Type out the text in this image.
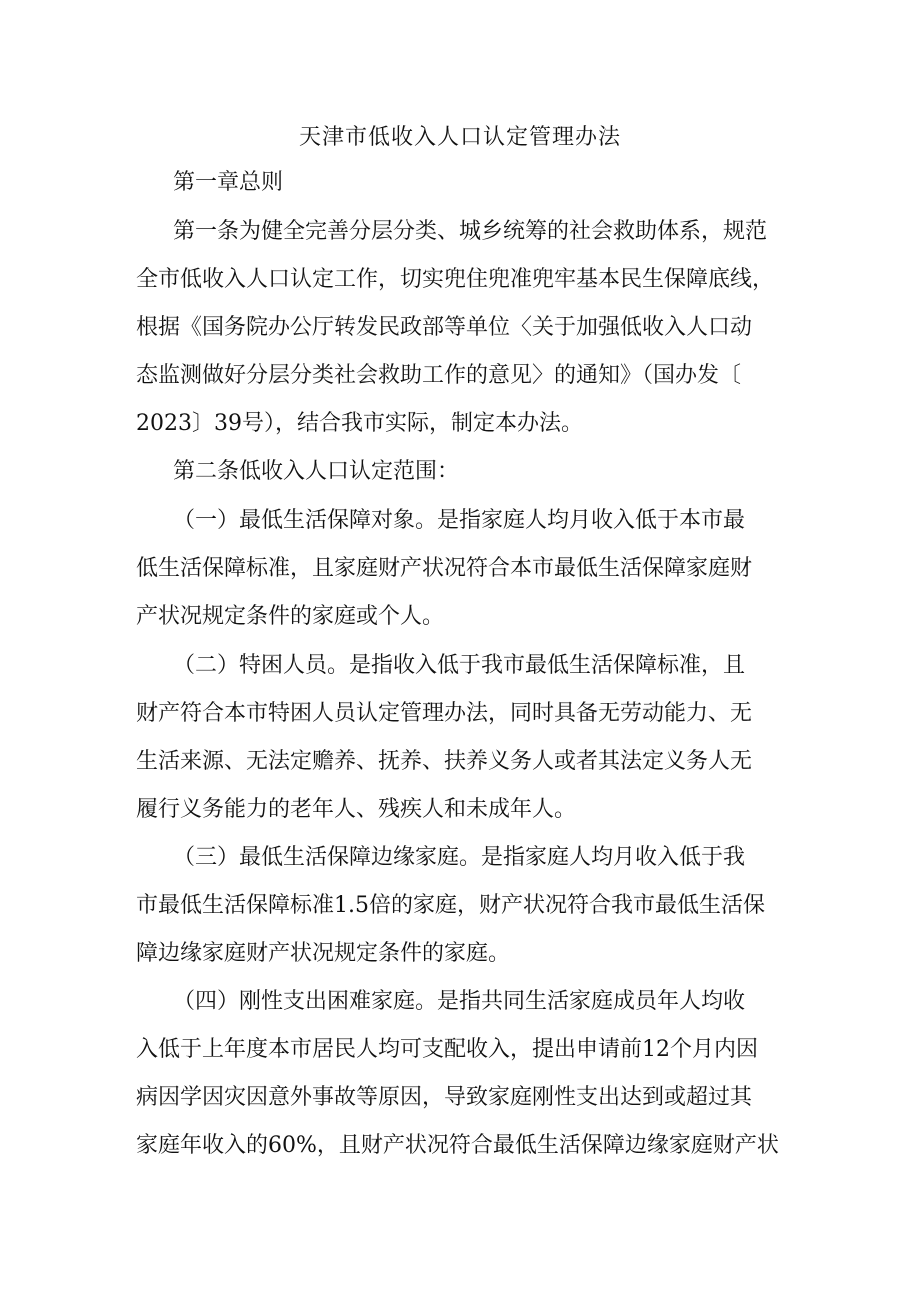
天津市低收入人口认定管理办法
第一章总则
第一条为健全完善分层分类、城乡统筹的社会救助体系，规范
全市低收入人口认定工作，切实兜住兜准兜牢基本民生保障底线，
根据《国务院办公厅转发民政部等单位〈关于加强低收入人口动
态监测做好分层分类社会救助工作的意见〉的通知》（国办发〔
2023〕39号），结合我市实际，制定本办法。
第二条低收入人口认定范围：
（一）最低生活保障对象。是指家庭人均月收入低于本市最
低生活保障标准，且家庭财产状况符合本市最低生活保障家庭财
产状况规定条件的家庭或个人。
（二）特困人员。是指收入低于我市最低生活保障标准，且
财产符合本市特困人员认定管理办法，同时具备无劳动能力、无
生活来源、无法定赡养、抚养、扶养义务人或者其法定义务人无
履行义务能力的老年人、残疾人和未成年人。
（三）最低生活保障边缘家庭。是指家庭人均月收入低于我
市最低生活保障标准1.5倍的家庭，财产状况符合我市最低生活保
障边缘家庭财产状况规定条件的家庭。
（四）刚性支出困难家庭。是指共同生活家庭成员年人均收
入低于上年度本市居民人均可支配收入，提出申请前12个月内因
病因学因灾因意外事故等原因，导致家庭刚性支出达到或超过其
家庭年收入的60%，且财产状况符合最低生活保障边缘家庭财产状
